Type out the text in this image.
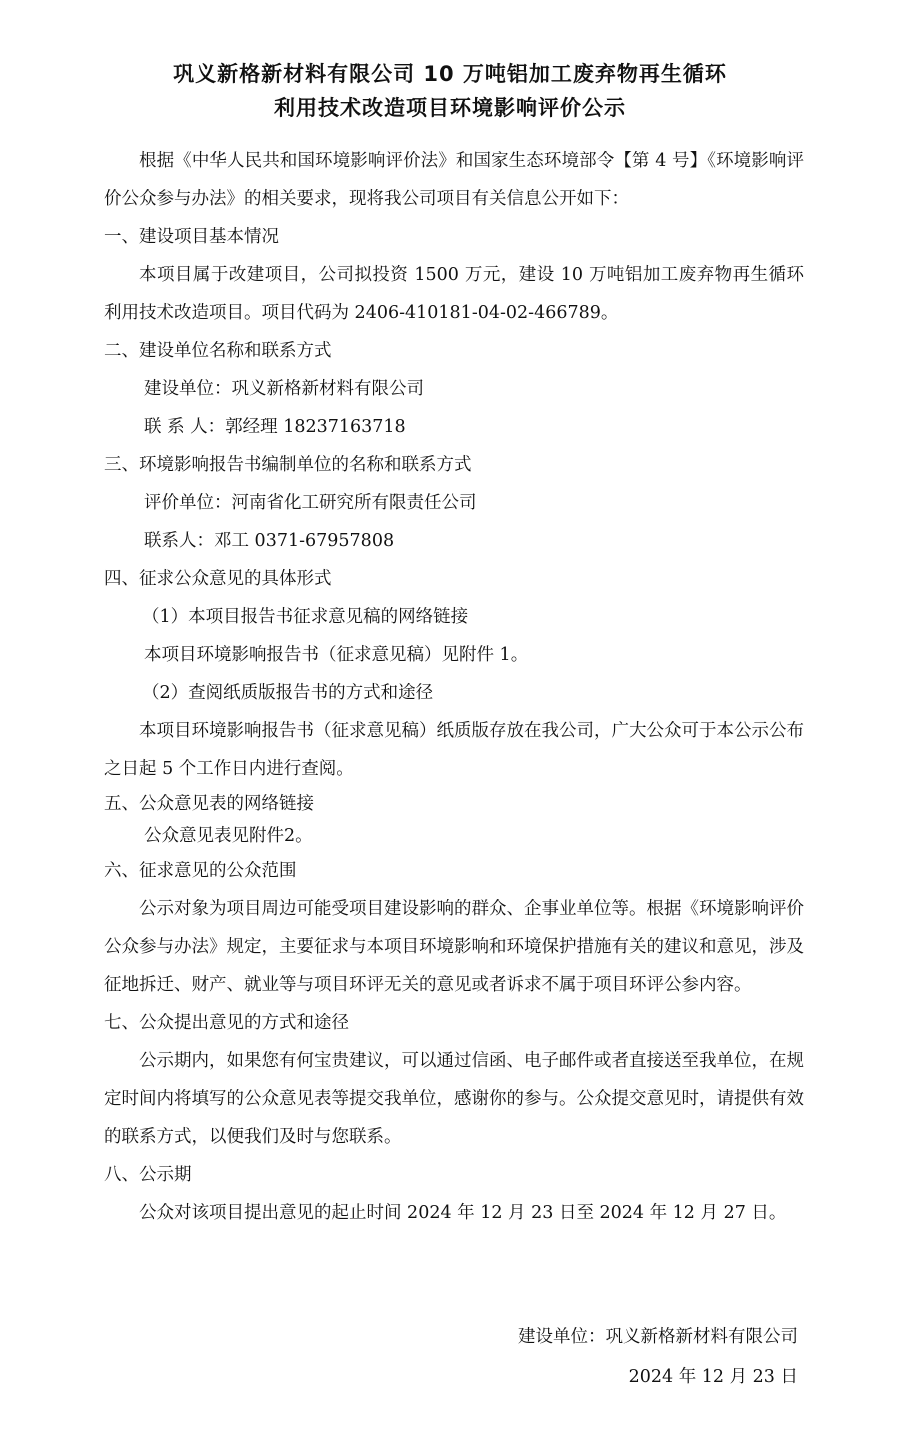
巩义新格新材料有限公司 10 万吨铝加工废弃物再生循环
利用技术改造项目环境影响评价公示

根据《中华人民共和国环境影响评价法》和国家生态环境部令【第 4 号】《环境影响评价公众参与办法》的相关要求，现将我公司项目有关信息公开如下：

一、建设项目基本情况

本项目属于改建项目，公司拟投资 1500 万元，建设 10 万吨铝加工废弃物再生循环利用技术改造项目。项目代码为 2406-410181-04-02-466789。

二、建设单位名称和联系方式

建设单位：巩义新格新材料有限公司

联 系 人：郭经理 18237163718

三、环境影响报告书编制单位的名称和联系方式

评价单位：河南省化工研究所有限责任公司

联系人：邓工 0371-67957808

四、征求公众意见的具体形式

（1）本项目报告书征求意见稿的网络链接

本项目环境影响报告书（征求意见稿）见附件 1。

（2）查阅纸质版报告书的方式和途径

本项目环境影响报告书（征求意见稿）纸质版存放在我公司，广大公众可于本公示公布之日起 5 个工作日内进行查阅。

五、公众意见表的网络链接

公众意见表见附件2。

六、征求意见的公众范围

公示对象为项目周边可能受项目建设影响的群众、企事业单位等。根据《环境影响评价公众参与办法》规定，主要征求与本项目环境影响和环境保护措施有关的建议和意见，涉及征地拆迁、财产、就业等与项目环评无关的意见或者诉求不属于项目环评公参内容。

七、公众提出意见的方式和途径

公示期内，如果您有何宝贵建议，可以通过信函、电子邮件或者直接送至我单位，在规定时间内将填写的公众意见表等提交我单位，感谢你的参与。公众提交意见时，请提供有效的联系方式，以便我们及时与您联系。

八、公示期

公众对该项目提出意见的起止时间 2024 年 12 月 23 日至 2024 年 12 月 27 日。

建设单位：巩义新格新材料有限公司
2024 年 12 月 23 日
